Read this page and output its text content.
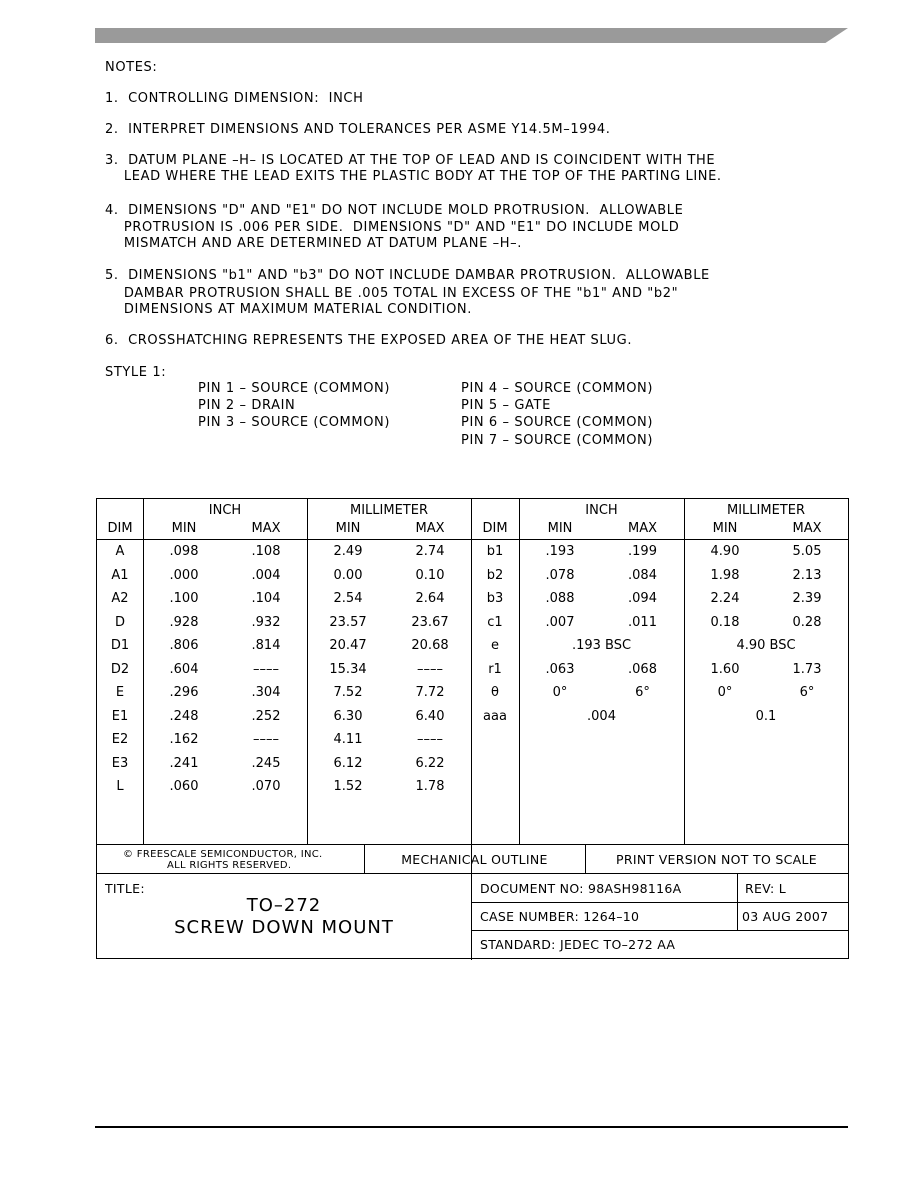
NOTES:
1.  CONTROLLING DIMENSION:  INCH
2.  INTERPRET DIMENSIONS AND TOLERANCES PER ASME Y14.5M–1994.
3.  DATUM PLANE –H– IS LOCATED AT THE TOP OF LEAD AND IS COINCIDENT WITH THE
LEAD WHERE THE LEAD EXITS THE PLASTIC BODY AT THE TOP OF THE PARTING LINE.
4.  DIMENSIONS "D" AND "E1" DO NOT INCLUDE MOLD PROTRUSION.  ALLOWABLE
PROTRUSION IS .006 PER SIDE.  DIMENSIONS "D" AND "E1" DO INCLUDE MOLD
MISMATCH AND ARE DETERMINED AT DATUM PLANE –H–.
5.  DIMENSIONS "b1" AND "b3" DO NOT INCLUDE DAMBAR PROTRUSION.  ALLOWABLE
DAMBAR PROTRUSION SHALL BE .005 TOTAL IN EXCESS OF THE "b1" AND "b2"
DIMENSIONS AT MAXIMUM MATERIAL CONDITION.
6.  CROSSHATCHING REPRESENTS THE EXPOSED AREA OF THE HEAT SLUG.
STYLE 1:
PIN 1 – SOURCE (COMMON)
PIN 2 – DRAIN
PIN 3 – SOURCE (COMMON)
PIN 4 – SOURCE (COMMON)
PIN 5 – GATE
PIN 6 – SOURCE (COMMON)
PIN 7 – SOURCE (COMMON)
INCH	MILLIMETER	INCH	MILLIMETER
DIM	MIN	MAX	MIN	MAX	DIM	MIN	MAX	MIN	MAX
A	.098	.108	2.49	2.74
A1	.000	.004	0.00	0.10
A2	.100	.104	2.54	2.64
D	.928	.932	23.57	23.67
D1	.806	.814	20.47	20.68
D2	.604	––––	15.34	––––
E	.296	.304	7.52	7.72
E1	.248	.252	6.30	6.40
E2	.162	––––	4.11	––––
E3	.241	.245	6.12	6.22
L	.060	.070	1.52	1.78
b1	.193	.199	4.90	5.05
b2	.078	.084	1.98	2.13
b3	.088	.094	2.24	2.39
c1	.007	.011	0.18	0.28
e	.193 BSC	4.90 BSC
r1	.063	.068	1.60	1.73
θ	0°	6°	0°	6°
aaa	.004	0.1
© FREESCALE SEMICONDUCTOR, INC.
ALL RIGHTS RESERVED.	MECHANICAL OUTLINE	PRINT VERSION NOT TO SCALE
TITLE:
TO–272
SCREW DOWN MOUNT
DOCUMENT NO: 98ASH98116A	REV: L
CASE NUMBER: 1264–10	03 AUG 2007
STANDARD: JEDEC TO–272 AA
